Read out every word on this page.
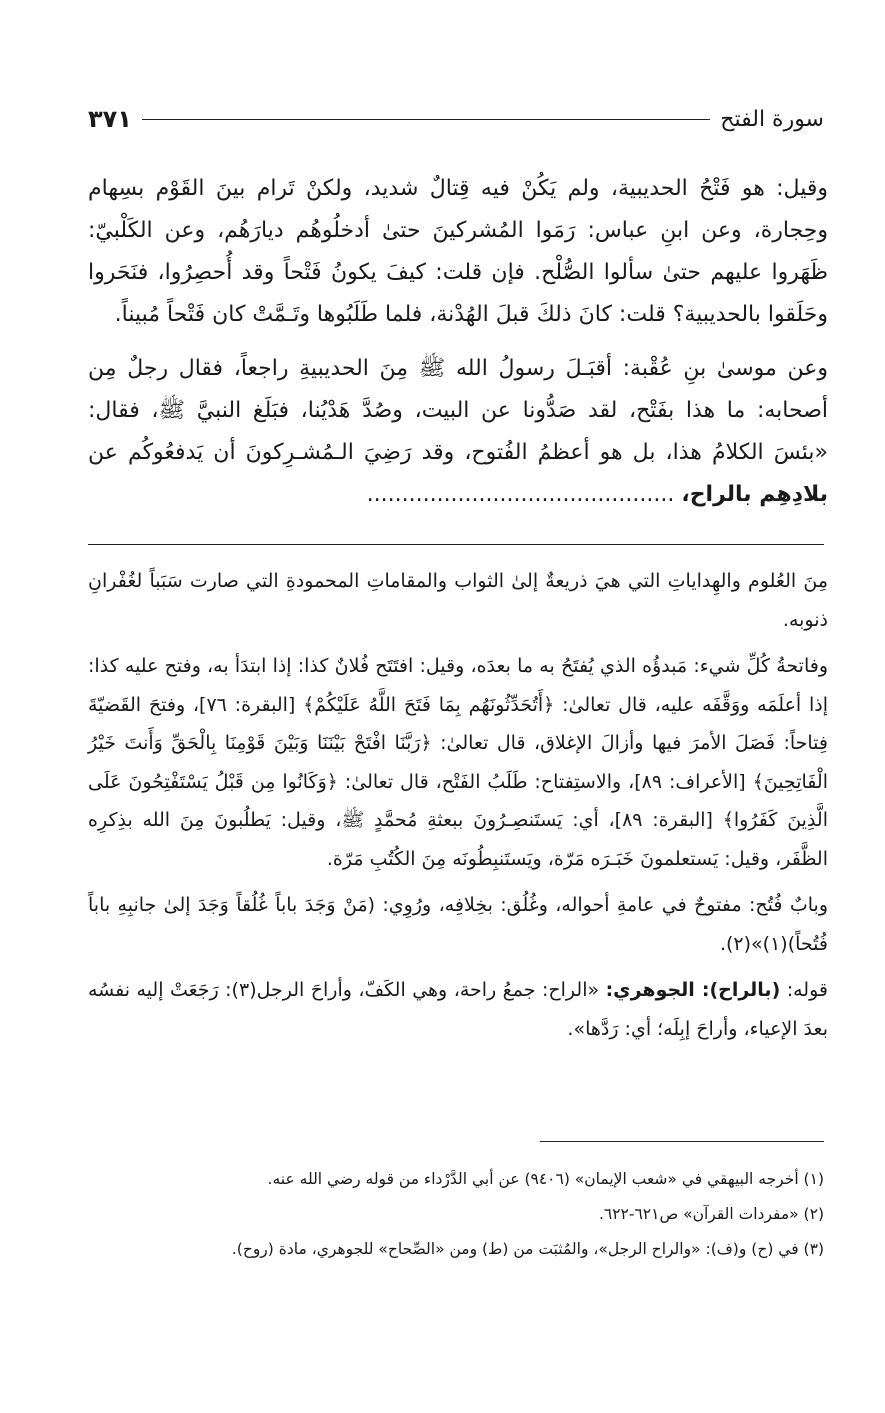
سورة الفتح
٣٧١

وقيل: هو فَتْحُ الحديبية، ولم يَكُنْ فيه قِتالٌ شديد، ولكنْ تَرام بينَ القَوْم بسِهام وحِجارة، وعن ابنِ عباس: رَمَوا المُشركينَ حتىٰ أدخلُوهُم ديارَهُم، وعن الكَلْبيّ: ظَهَروا عليهم حتىٰ سألوا الصُّلْح. فإن قلت: كيفَ يكونُ فَتْحاً وقد أُحصِرُوا، فنَحَروا وحَلَقوا بالحديبية؟ قلت: كانَ ذلكَ قبلَ الهُدْنة، فلما طَلَبُوها وتَـمَّتْ كان فَتْحاً مُبيناً.

وعن موسىٰ بنِ عُقْبة: أقبَـلَ رسولُ الله ﷺ مِنَ الحديبيةِ راجعاً، فقال رجلٌ مِن أصحابه: ما هذا بفَتْح، لقد صَدُّونا عن البيت، وصُدَّ هَدْيُنا، فبَلَغ النبيَّ ﷺ، فقال: «بئسَ الكلامُ هذا، بل هو أعظمُ الفُتوح، وقد رَضِيَ الـمُشـرِكونَ أن يَدفعُوكُم عن بلادِهِم بالراح، ............................................

مِنَ العُلوم والهِداياتِ التي هيَ ذريعةٌ إلىٰ الثواب والمقاماتِ المحمودةِ التي صارت سَبَباً لغُفْرانِ ذنوبه.

وفاتحةُ كُلِّ شيء: مَبدؤُه الذي يُفتَحُ به ما بعدَه، وقيل: افتَتَح فُلانٌ كذا: إذا ابتدَأ به، وفتح عليه كذا: إذا أعلَمَه ووَقَّفَه عليه، قال تعالىٰ: ﴿أَتُحَدِّثُونَهُم بِمَا فَتَحَ اللَّهُ عَلَيْكُمْ﴾ [البقرة: ٧٦]، وفتحَ القَضيّةَ فِتاحاً: فَصَلَ الأمرَ فيها وأزالَ الإغلاق، قال تعالىٰ: ﴿رَبَّنَا افْتَحْ بَيْنَنَا وَبَيْنَ قَوْمِنَا بِالْحَقِّ وَأَنتَ خَيْرُ الْفَاتِحِينَ﴾ [الأعراف: ٨٩]، والاستِفتاح: طَلَبُ الفَتْح، قال تعالىٰ: ﴿وَكَانُوا مِن قَبْلُ يَسْتَفْتِحُونَ عَلَى الَّذِينَ كَفَرُوا﴾ [البقرة: ٨٩]، أي: يَستَنصِـرُونَ ببعثةِ مُحمَّدٍ ﷺ، وقيل: يَطلُبونَ مِنَ الله بذِكرِه الظَّفَر، وقيل: يَستعلمونَ خَبَـرَه مَرّة، ويَستَنبِطُونَه مِنَ الكُتُبِ مَرّة.

وبابٌ فُتُح: مفتوحٌ في عامةِ أحواله، وغُلُق: بخِلافِه، ورُوِي: (مَنْ وَجَدَ باباً غُلُقاً وَجَدَ إلىٰ جانبِهِ باباً فُتُحاً)(١)»(٢).

قوله: (بالراح): الجوهري: «الراح: جمعُ راحة، وهي الكَفّ، وأراحَ الرجل(٣): رَجَعَتْ إليه نفسُه بعدَ الإعياء، وأراحَ إبِلَه؛ أي: رَدَّها».

(١) أخرجه البيهقي في «شعب الإيمان» (٩٤٠٦) عن أبي الدَّرْداء من قوله رضي الله عنه.
(٢) «مفردات القرآن» ص٦٢١-٦٢٢.
(٣) في (ح) و(ف): «والراح الرجل»، والمُثبَت من (ط) ومن «الصِّحاح» للجوهري، مادة (روح).
